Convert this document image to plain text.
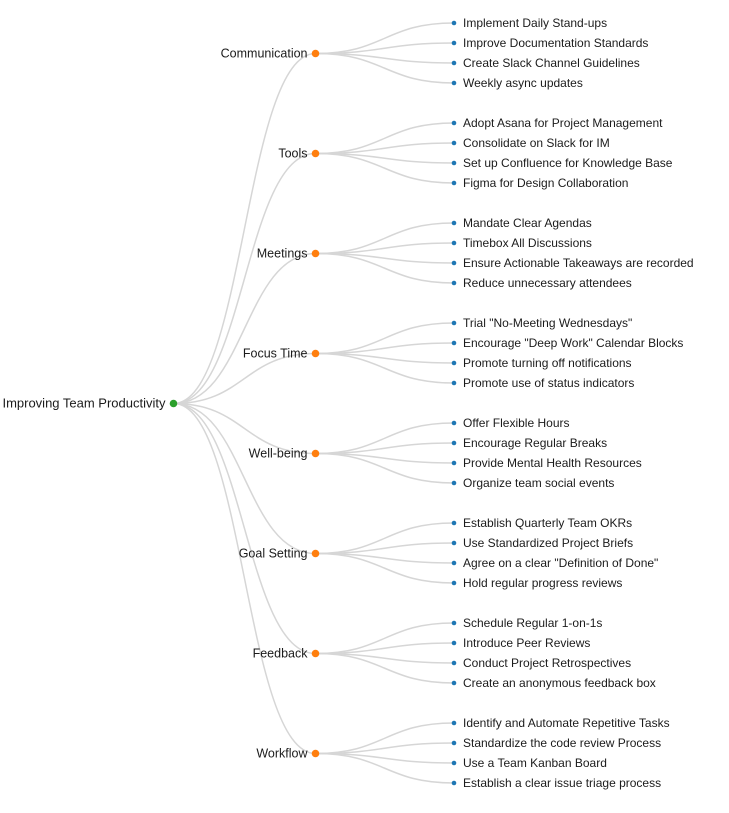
Improving Team Productivity
Communication
Implement Daily Stand-ups
Improve Documentation Standards
Create Slack Channel Guidelines
Weekly async updates
Tools
Adopt Asana for Project Management
Consolidate on Slack for IM
Set up Confluence for Knowledge Base
Figma for Design Collaboration
Meetings
Mandate Clear Agendas
Timebox All Discussions
Ensure Actionable Takeaways are recorded
Reduce unnecessary attendees
Focus Time
Trial "No-Meeting Wednesdays"
Encourage "Deep Work" Calendar Blocks
Promote turning off notifications
Promote use of status indicators
Well-being
Offer Flexible Hours
Encourage Regular Breaks
Provide Mental Health Resources
Organize team social events
Goal Setting
Establish Quarterly Team OKRs
Use Standardized Project Briefs
Agree on a clear "Definition of Done"
Hold regular progress reviews
Feedback
Schedule Regular 1-on-1s
Introduce Peer Reviews
Conduct Project Retrospectives
Create an anonymous feedback box
Workflow
Identify and Automate Repetitive Tasks
Standardize the code review Process
Use a Team Kanban Board
Establish a clear issue triage process
